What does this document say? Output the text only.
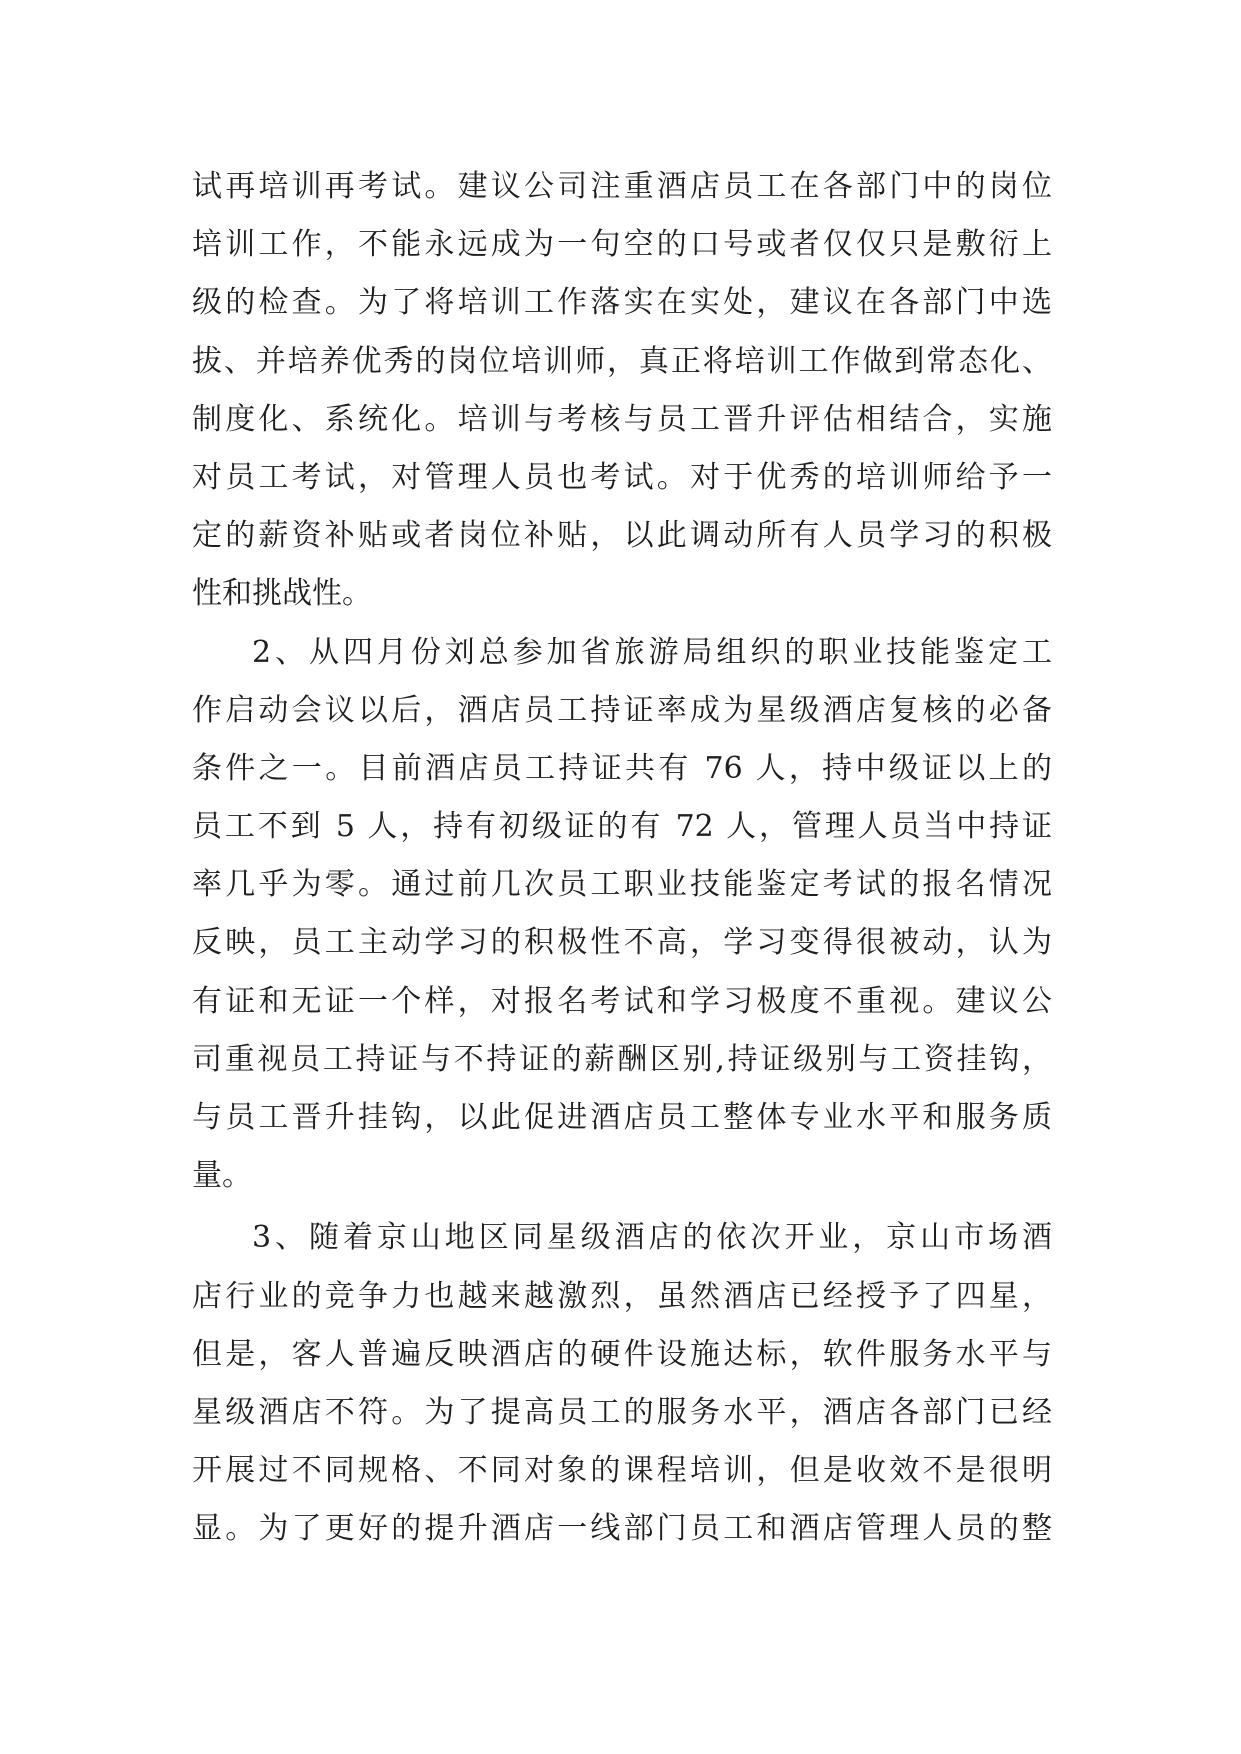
试再培训再考试。建议公司注重酒店员工在各部门中的岗位
培训工作，不能永远成为一句空的口号或者仅仅只是敷衍上
级的检查。为了将培训工作落实在实处，建议在各部门中选
拔、并培养优秀的岗位培训师，真正将培训工作做到常态化、
制度化、系统化。培训与考核与员工晋升评估相结合，实施
对员工考试，对管理人员也考试。对于优秀的培训师给予一
定的薪资补贴或者岗位补贴，以此调动所有人员学习的积极
性和挑战性。
2、从四月份刘总参加省旅游局组织的职业技能鉴定工
作启动会议以后，酒店员工持证率成为星级酒店复核的必备
条件之一。目前酒店员工持证共有 76 人，持中级证以上的
员工不到 5 人，持有初级证的有 72 人，管理人员当中持证
率几乎为零。通过前几次员工职业技能鉴定考试的报名情况
反映，员工主动学习的积极性不高，学习变得很被动，认为
有证和无证一个样，对报名考试和学习极度不重视。建议公
司重视员工持证与不持证的薪酬区别,持证级别与工资挂钩，
与员工晋升挂钩，以此促进酒店员工整体专业水平和服务质
量。
3、随着京山地区同星级酒店的依次开业，京山市场酒
店行业的竞争力也越来越激烈，虽然酒店已经授予了四星，
但是，客人普遍反映酒店的硬件设施达标，软件服务水平与
星级酒店不符。为了提高员工的服务水平，酒店各部门已经
开展过不同规格、不同对象的课程培训，但是收效不是很明
显。为了更好的提升酒店一线部门员工和酒店管理人员的整
